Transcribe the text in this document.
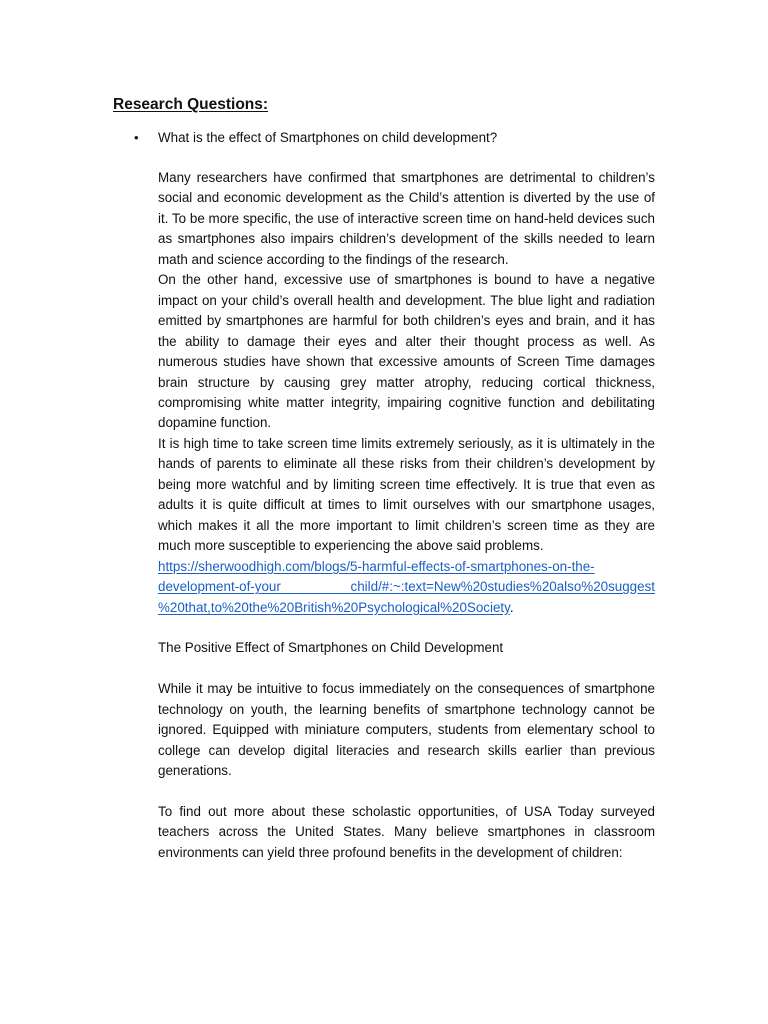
Research Questions:
• What is the effect of Smartphones on child development?

Many researchers have confirmed that smartphones are detrimental to children’s social and economic development as the Child’s attention is diverted by the use of it. To be more specific, the use of interactive screen time on hand-held devices such as smartphones also impairs children’s development of the skills needed to learn math and science according to the findings of the research.

On the other hand, excessive use of smartphones is bound to have a negative impact on your child’s overall health and development. The blue light and radiation emitted by smartphones are harmful for both children’s eyes and brain, and it has the ability to damage their eyes and alter their thought process as well. As numerous studies have shown that excessive amounts of Screen Time damages brain structure by causing grey matter atrophy, reducing cortical thickness, compromising white matter integrity, impairing cognitive function and debilitating dopamine function.

It is high time to take screen time limits extremely seriously, as it is ultimately in the hands of parents to eliminate all these risks from their children’s development by being more watchful and by limiting screen time effectively. It is true that even as adults it is quite difficult at times to limit ourselves with our smartphone usages, which makes it all the more important to limit children’s screen time as they are much more susceptible to experiencing the above said problems.

https://sherwoodhigh.com/blogs/5-harmful-effects-of-smartphones-on-the-
development-of-your child/#:~:text=New%20studies%20also%20suggest
%20that,to%20the%20British%20Psychological%20Society.

The Positive Effect of Smartphones on Child Development

While it may be intuitive to focus immediately on the consequences of smartphone technology on youth, the learning benefits of smartphone technology cannot be ignored. Equipped with miniature computers, students from elementary school to college can develop digital literacies and research skills earlier than previous generations.

To find out more about these scholastic opportunities, of USA Today surveyed teachers across the United States. Many believe smartphones in classroom environments can yield three profound benefits in the development of children:
